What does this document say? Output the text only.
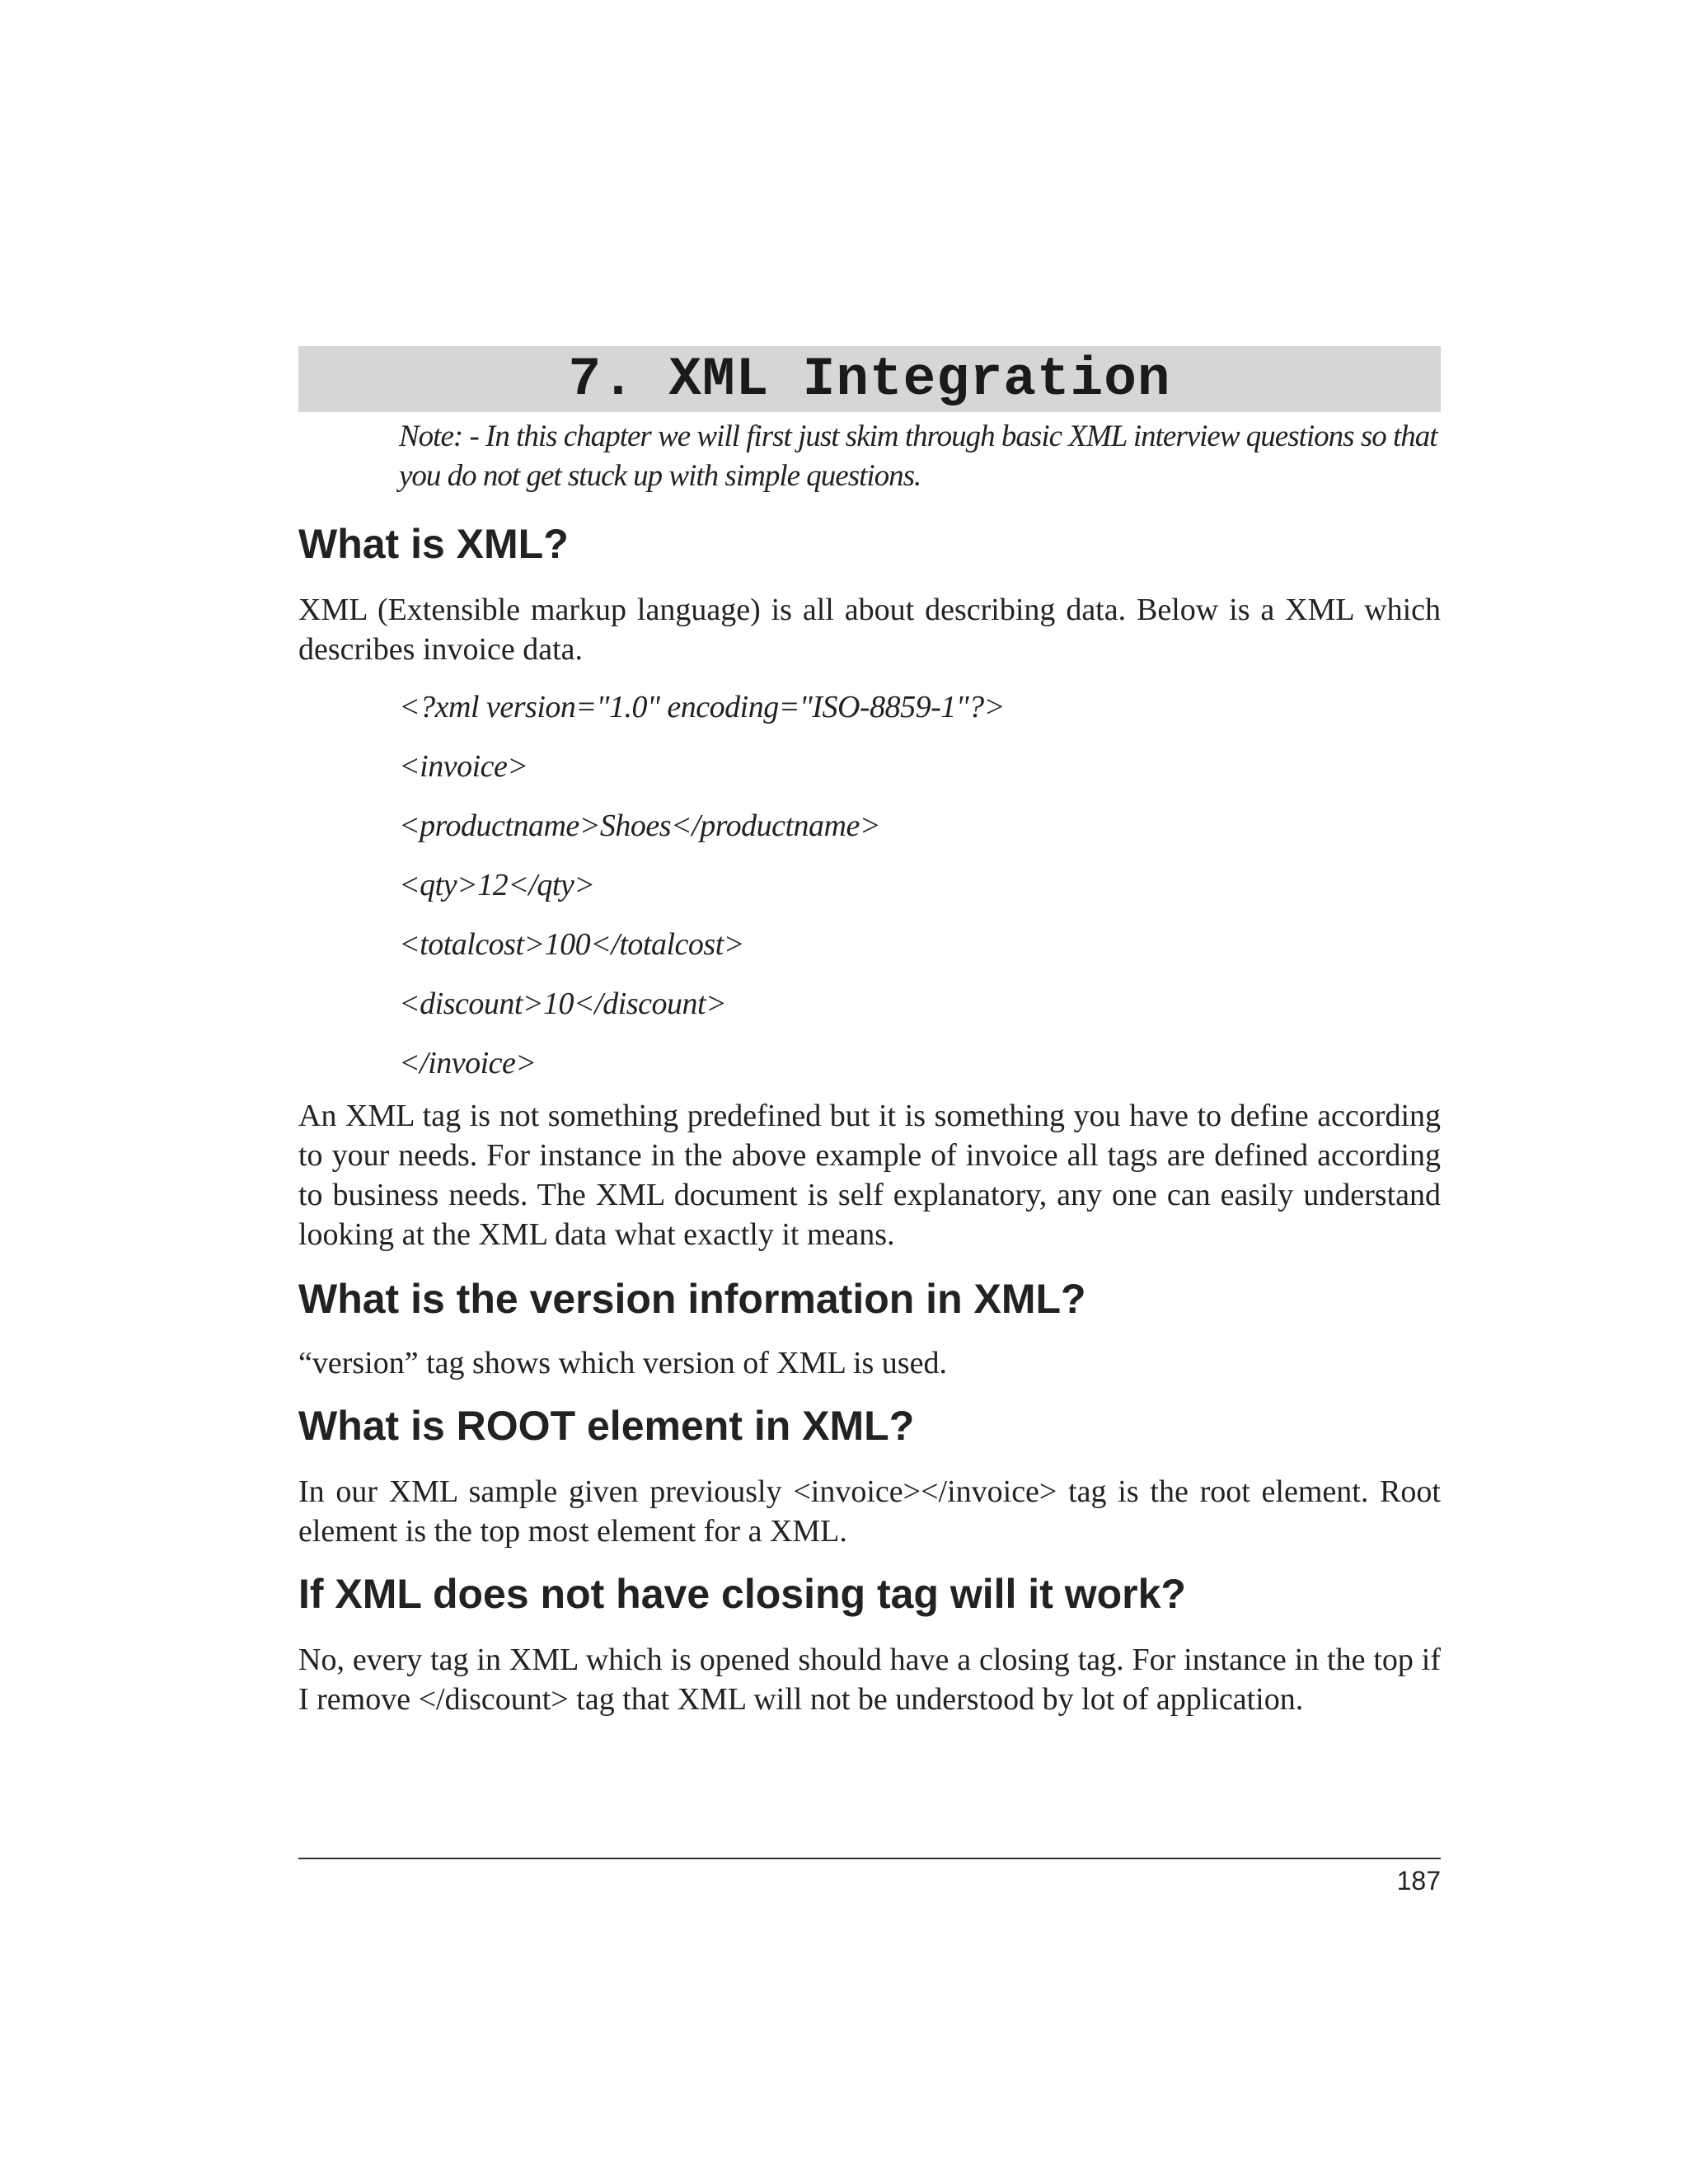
7. XML Integration
Note: - In this chapter we will first just skim through basic XML interview questions so that you do not get stuck up with simple questions.
What is XML?

XML (Extensible markup language) is all about describing data. Below is a XML which describes invoice data.

<?xml version="1.0" encoding="ISO-8859-1"?>
<invoice>
<productname>Shoes</productname>
<qty>12</qty>
<totalcost>100</totalcost>
<discount>10</discount>
</invoice>

An XML tag is not something predefined but it is something you have to define according to your needs. For instance in the above example of invoice all tags are defined according to business needs. The XML document is self explanatory, any one can easily understand looking at the XML data what exactly it means.

What is the version information in XML?

“version” tag shows which version of XML is used.

What is ROOT element in XML?

In our XML sample given previously <invoice></invoice> tag is the root element. Root element is the top most element for a XML.

If XML does not have closing tag will it work?

No, every tag in XML which is opened should have a closing tag. For instance in the top if I remove </discount> tag that XML will not be understood by lot of application.

187
